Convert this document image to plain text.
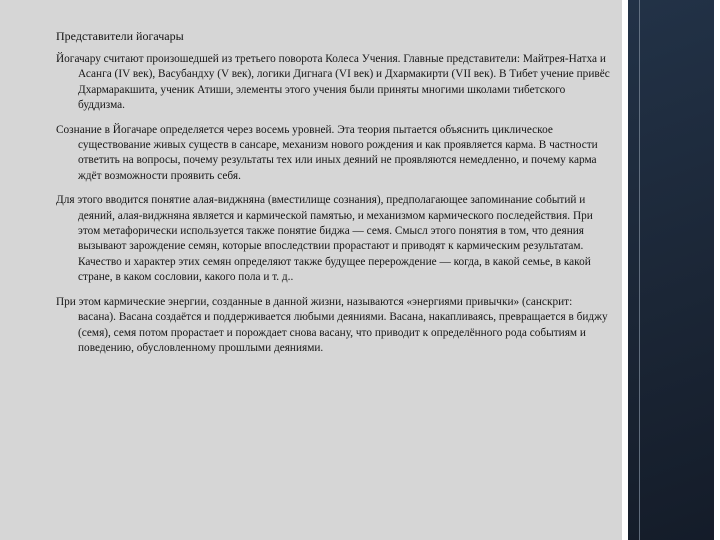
Представители йогачары

Йогачару считают произошедшей из третьего поворота Колеса Учения. Главные представители: Майтрея-Натха и Асанга (IV век), Васубандху (V век), логики Дигнага (VI век) и Дхармакирти (VII век). В Тибет учение привёс Дхармаракшита, ученик Атиши, элементы этого учения были приняты многими школами тибетского буддизма.

Сознание в Йогачаре определяется через восемь уровней. Эта теория пытается объяснить циклическое существование живых существ в сансаре, механизм нового рождения и как проявляется карма. В частности ответить на вопросы, почему результаты тех или иных деяний не проявляются немедленно, и почему карма ждёт возможности проявить себя.

Для этого вводится понятие алая-виджняна (вместилище сознания), предполагающее запоминание событий и деяний, алая-виджняна является и кармической памятью, и механизмом кармического последействия. При этом метафорически используется также понятие биджа — семя. Смысл этого понятия в том, что деяния вызывают зарождение семян, которые впоследствии прорастают и приводят к кармическим результатам. Качество и характер этих семян определяют также будущее перерождение — когда, в какой семье, в какой стране, в каком сословии, какого пола и т. д..

При этом кармические энергии, созданные в данной жизни, называются «энергиями привычки» (санскрит: васана). Васана создаётся и поддерживается любыми деяниями. Васана, накапливаясь, превращается в биджу (семя), семя потом прорастает и порождает снова васану, что приводит к определённого рода событиям и поведению, обусловленному прошлыми деяниями.
